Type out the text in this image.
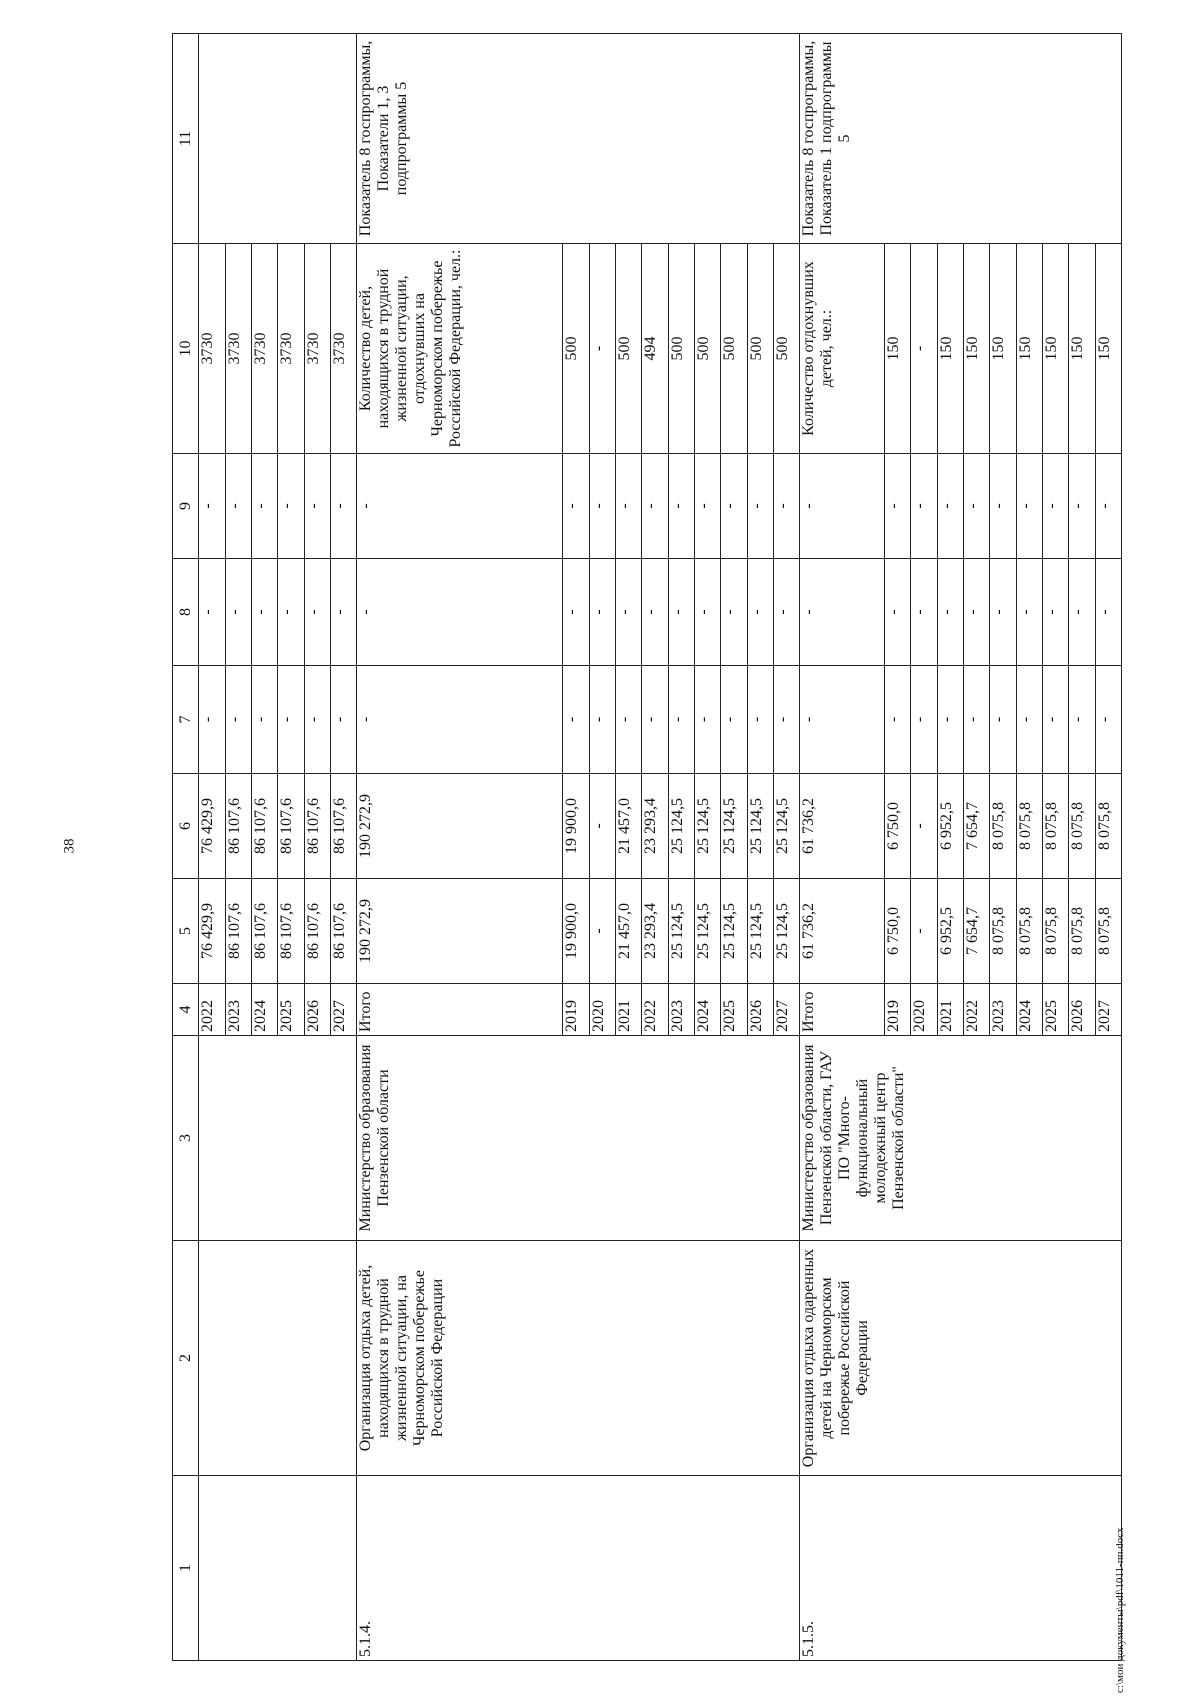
38
c:\мои документы\pdf\1011-пп.docx
1	2	3	4	5	6	7	8	9	10	11
			2022	76 429,9	76 429,9	-	-	-	3730	
			2023	86 107,6	86 107,6	-	-	-	3730	
			2024	86 107,6	86 107,6	-	-	-	3730	
			2025	86 107,6	86 107,6	-	-	-	3730	
			2026	86 107,6	86 107,6	-	-	-	3730	
			2027	86 107,6	86 107,6	-	-	-	3730	
5.1.4.	Организация отдыха детей, находящихся в трудной жизненной ситуации, на Черноморском побережье Российской Федерации	Министерство образования Пензенской области	Итого	190 272,9	190 272,9	-	-	-	Количество детей, находящихся в трудной жизненной ситуации, отдохнувших на Черноморском побережье Российской Федерации, чел.:	Показатель 8 госпрограммы, Показатели 1, 3 подпрограммы 5
			2019	19 900,0	19 900,0	-	-	-	500	
			2020	-	-	-	-	-	-	
			2021	21 457,0	21 457,0	-	-	-	500	
			2022	23 293,4	23 293,4	-	-	-	494	
			2023	25 124,5	25 124,5	-	-	-	500	
			2024	25 124,5	25 124,5	-	-	-	500	
			2025	25 124,5	25 124,5	-	-	-	500	
			2026	25 124,5	25 124,5	-	-	-	500	
			2027	25 124,5	25 124,5	-	-	-	500	
5.1.5.	Организация отдыха одаренных детей на Черноморском побережье Российской Федерации	Министерство образования Пензенской области, ГАУ ПО "Много-функциональный молодежный центр Пензенской области"	Итого	61 736,2	61 736,2	-	-	-	Количество отдохнувших детей, чел.:	Показатель 8 госпрограммы, Показатель 1 подпрограммы 5
			2019	6 750,0	6 750,0	-	-	-	150	
			2020	-	-	-	-	-	-	
			2021	6 952,5	6 952,5	-	-	-	150	
			2022	7 654,7	7 654,7	-	-	-	150	
			2023	8 075,8	8 075,8	-	-	-	150	
			2024	8 075,8	8 075,8	-	-	-	150	
			2025	8 075,8	8 075,8	-	-	-	150	
			2026	8 075,8	8 075,8	-	-	-	150	
			2027	8 075,8	8 075,8	-	-	-	150	
